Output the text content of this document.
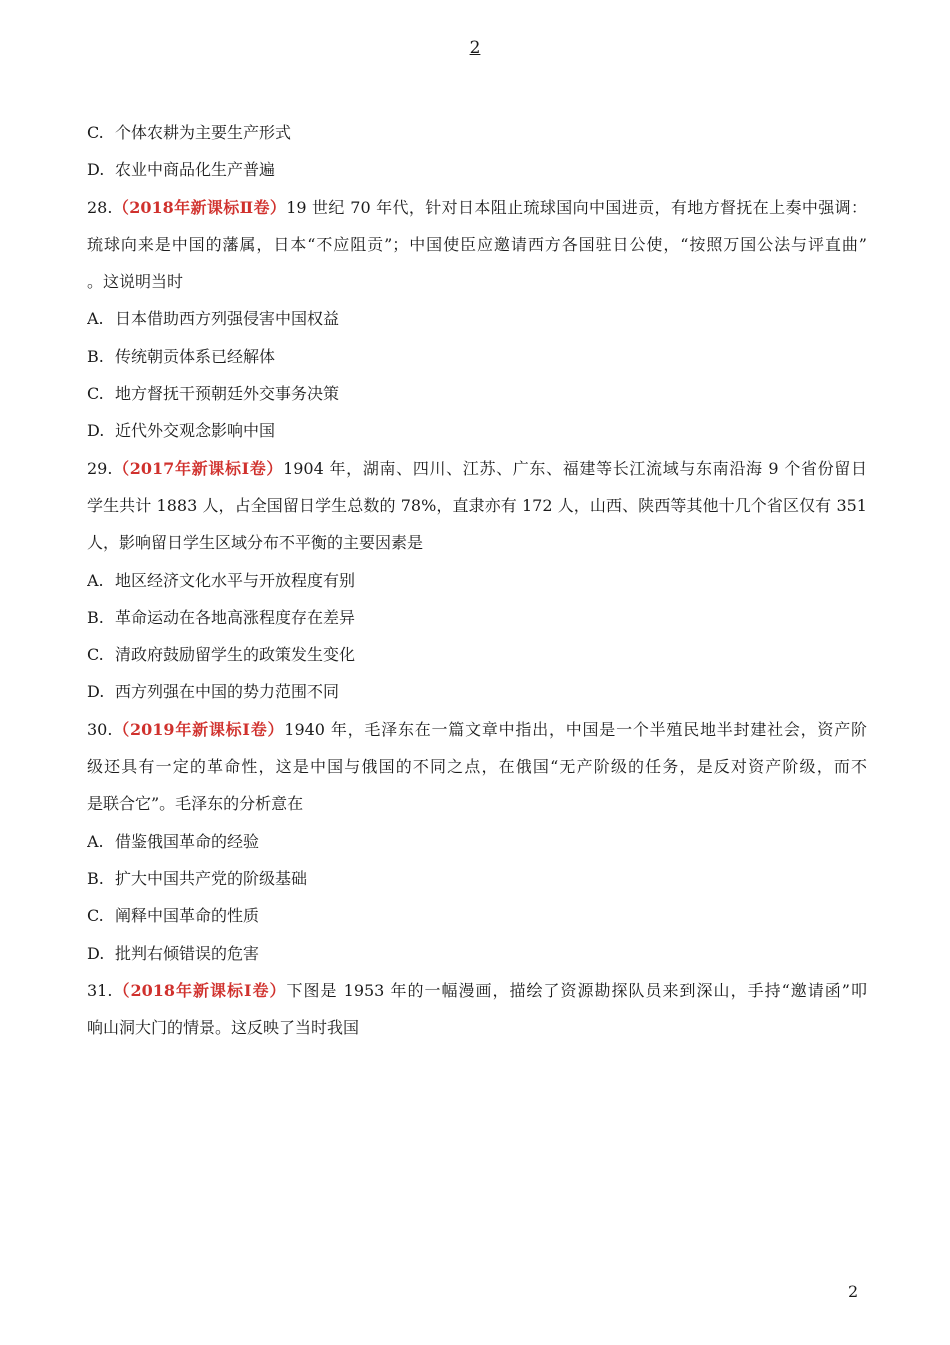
2
C. 个体农耕为主要生产形式
D. 农业中商品化生产普遍
28.（2018年新课标Ⅱ卷）19 世纪 70 年代，针对日本阻止琉球国向中国进贡，有地方督抚在上奏中强调：
琉球向来是中国的藩属，日本“不应阻贡”；中国使臣应邀请西方各国驻日公使，“按照万国公法与评直曲”
。这说明当时
A. 日本借助西方列强侵害中国权益
B. 传统朝贡体系已经解体
C. 地方督抚干预朝廷外交事务决策
D. 近代外交观念影响中国
29.（2017年新课标Ⅰ卷）1904 年，湖南、四川、江苏、广东、福建等长江流域与东南沿海 9 个省份留日
学生共计 1883 人，占全国留日学生总数的 78%，直隶亦有 172 人，山西、陕西等其他十几个省区仅有 351
人，影响留日学生区域分布不平衡的主要因素是
A. 地区经济文化水平与开放程度有别
B. 革命运动在各地高涨程度存在差异
C. 清政府鼓励留学生的政策发生变化
D. 西方列强在中国的势力范围不同
30.（2019年新课标Ⅰ卷）1940 年，毛泽东在一篇文章中指出，中国是一个半殖民地半封建社会，资产阶
级还具有一定的革命性，这是中国与俄国的不同之点，在俄国“无产阶级的任务，是反对资产阶级，而不
是联合它”。毛泽东的分析意在
A. 借鉴俄国革命的经验
B. 扩大中国共产党的阶级基础
C. 阐释中国革命的性质
D. 批判右倾错误的危害
31.（2018年新课标Ⅰ卷）下图是 1953 年的一幅漫画，描绘了资源勘探队员来到深山，手持“邀请函”叩
响山洞大门的情景。这反映了当时我国
2
